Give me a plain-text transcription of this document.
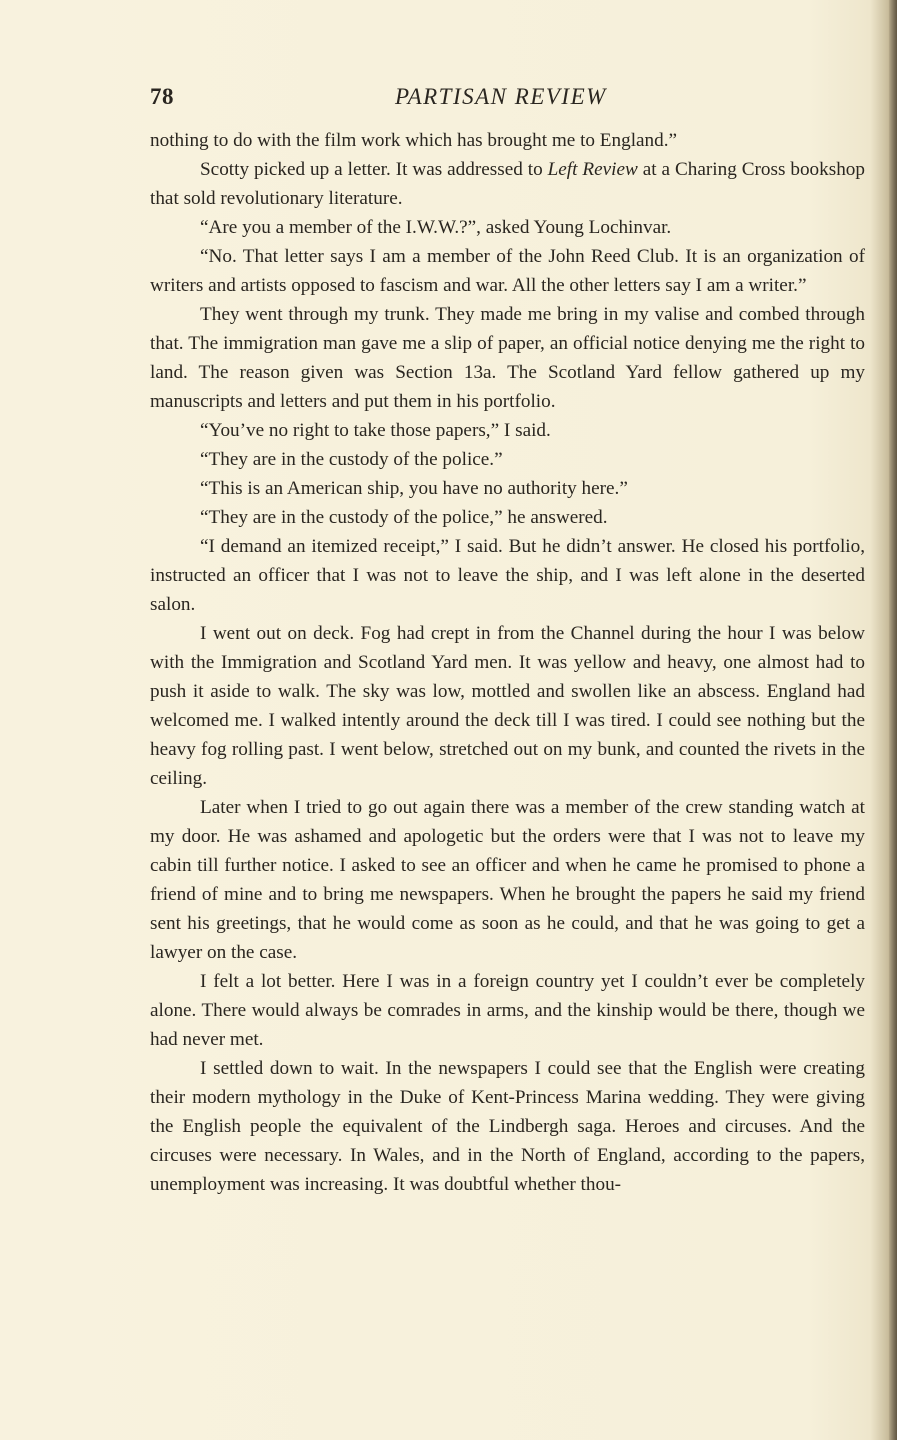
78	PARTISAN REVIEW

nothing to do with the film work which has brought me to England.”

Scotty picked up a letter. It was addressed to Left Review at a Charing Cross bookshop that sold revolutionary literature.

“Are you a member of the I.W.W.?”, asked Young Lochinvar.

“No. That letter says I am a member of the John Reed Club. It is an organization of writers and artists opposed to fascism and war. All the other letters say I am a writer.”

They went through my trunk. They made me bring in my valise and combed through that. The immigration man gave me a slip of paper, an official notice denying me the right to land. The reason given was Section 13a. The Scotland Yard fellow gathered up my manuscripts and letters and put them in his portfolio.

“You’ve no right to take those papers,” I said.

“They are in the custody of the police.”

“This is an American ship, you have no authority here.”

“They are in the custody of the police,” he answered.

“I demand an itemized receipt,” I said. But he didn’t answer. He closed his portfolio, instructed an officer that I was not to leave the ship, and I was left alone in the deserted salon.

I went out on deck. Fog had crept in from the Channel during the hour I was below with the Immigration and Scotland Yard men. It was yellow and heavy, one almost had to push it aside to walk. The sky was low, mottled and swollen like an abscess. England had welcomed me. I walked intently around the deck till I was tired. I could see nothing but the heavy fog rolling past. I went below, stretched out on my bunk, and counted the rivets in the ceiling.

Later when I tried to go out again there was a member of the crew standing watch at my door. He was ashamed and apologetic but the orders were that I was not to leave my cabin till further notice. I asked to see an officer and when he came he promised to phone a friend of mine and to bring me newspapers. When he brought the papers he said my friend sent his greetings, that he would come as soon as he could, and that he was going to get a lawyer on the case.

I felt a lot better. Here I was in a foreign country yet I couldn’t ever be completely alone. There would always be comrades in arms, and the kinship would be there, though we had never met.

I settled down to wait. In the newspapers I could see that the English were creating their modern mythology in the Duke of Kent-Princess Marina wedding. They were giving the English people the equivalent of the Lindbergh saga. Heroes and circuses. And the circuses were necessary. In Wales, and in the North of England, according to the papers, unemployment was increasing. It was doubtful whether thou-
